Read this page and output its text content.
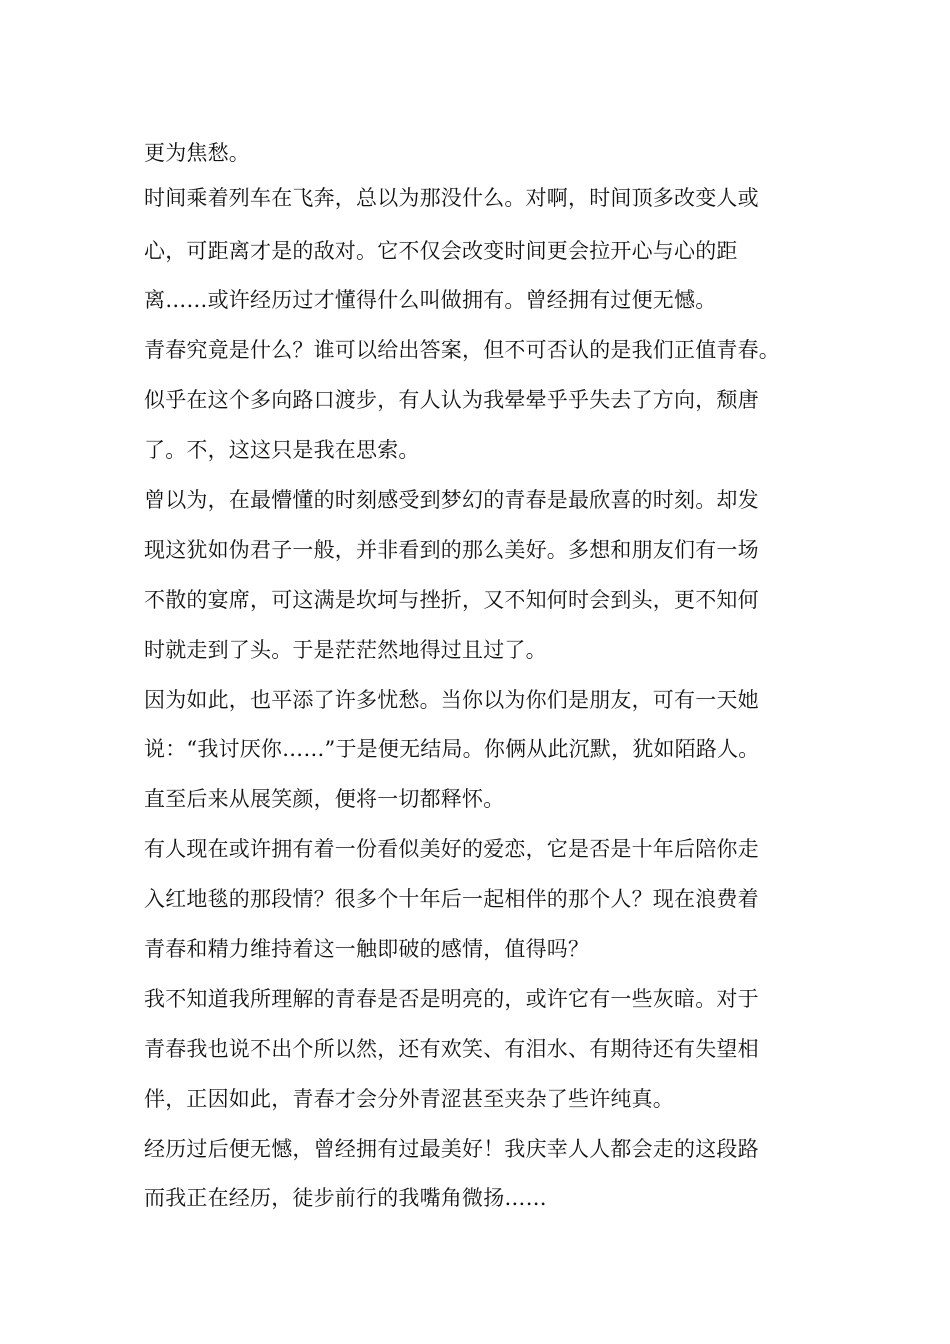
更为焦愁。
时间乘着列车在飞奔，总以为那没什么。对啊，时间顶多改变人或
心，可距离才是的敌对。它不仅会改变时间更会拉开心与心的距
离……或许经历过才懂得什么叫做拥有。曾经拥有过便无憾。
青春究竟是什么？谁可以给出答案，但不可否认的是我们正值青春。
似乎在这个多向路口渡步，有人认为我晕晕乎乎失去了方向，颓唐
了。不，这这只是我在思索。
曾以为，在最懵懂的时刻感受到梦幻的青春是最欣喜的时刻。却发
现这犹如伪君子一般，并非看到的那么美好。多想和朋友们有一场
不散的宴席，可这满是坎坷与挫折，又不知何时会到头，更不知何
时就走到了头。于是茫茫然地得过且过了。
因为如此，也平添了许多忧愁。当你以为你们是朋友，可有一天她
说：“我讨厌你……”于是便无结局。你俩从此沉默，犹如陌路人。
直至后来从展笑颜，便将一切都释怀。
有人现在或许拥有着一份看似美好的爱恋，它是否是十年后陪你走
入红地毯的那段情？很多个十年后一起相伴的那个人？现在浪费着
青春和精力维持着这一触即破的感情，值得吗？
我不知道我所理解的青春是否是明亮的，或许它有一些灰暗。对于
青春我也说不出个所以然，还有欢笑、有泪水、有期待还有失望相
伴，正因如此，青春才会分外青涩甚至夹杂了些许纯真。
经历过后便无憾，曾经拥有过最美好！我庆幸人人都会走的这段路
而我正在经历，徒步前行的我嘴角微扬……
